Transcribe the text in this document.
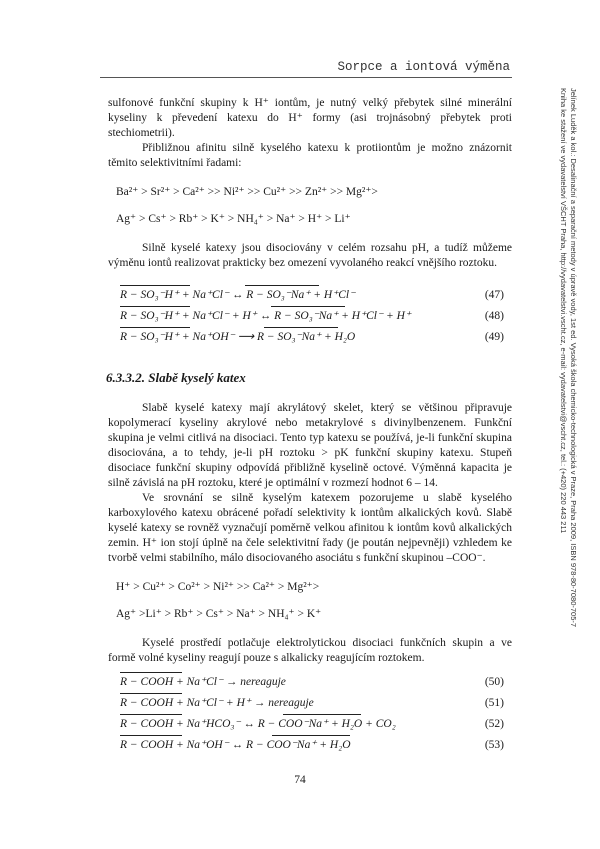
Sorpce a iontová výměna
Jelínek Luděk a kol.: Desalinační a separační metody v úpravě vody, 1st ed. Vysoká škola chemicko-technologická v Praze, Praha 2009, ISBN 978-80-7080-705-7
Kniha ke stažení ve vydavatelství VŠCHT Praha, http://vydavatelstvi.vscht.cz, e-mail: vydavatelstvi@vscht.cz, tel.: (+420) 220 443 211

sulfonové funkční skupiny k H⁺ iontům, je nutný velký přebytek silné minerální kyseliny k převedení katexu do H⁺ formy (asi trojnásobný přebytek proti stechiometrii).

Přibližnou afinitu silně kyselého katexu k protiiontům je možno znázornit těmito selektivitními řadami:

Ba²⁺ > Sr²⁺ > Ca²⁺ >> Ni²⁺ >> Cu²⁺ >> Zn²⁺ >> Mg²⁺>
Ag⁺ > Cs⁺ > Rb⁺ > K⁺ > NH₄⁺ > Na⁺ > H⁺ > Li⁺

Silně kyselé katexy jsou disociovány v celém rozsahu pH, a tudíž můžeme výměnu iontů realizovat prakticky bez omezení vyvolaného reakcí vnějšího roztoku.

R − SO₃⁻H⁺ + Na⁺Cl⁻ ↔ R − SO₃⁻Na⁺ + H⁺Cl⁻	(47)
R − SO₃⁻H⁺ + Na⁺Cl⁻ + H⁺ ↔ R − SO₃⁻Na⁺ + H⁺Cl⁻ + H⁺	(48)
R − SO₃⁻H⁺ + Na⁺OH⁻ ⟶ R − SO₃⁻Na⁺ + H₂O	(49)
6.3.3.2. Slabě kyselý katex

Slabě kyselé katexy mají akrylátový skelet, který se většinou připravuje kopolymerací kyseliny akrylové nebo metakrylové s divinylbenzenem. Funkční skupina je velmi citlivá na disociaci. Tento typ katexu se používá, je-li funkční skupina disociována, a to tehdy, je-li pH roztoku > pK funkční skupiny katexu. Stupeň disociace funkční skupiny odpovídá přibližně kyselině octové. Výměnná kapacita je silně závislá na pH roztoku, které je optimální v rozmezí hodnot 6 – 14.

Ve srovnání se silně kyselým katexem pozorujeme u slabě kyselého karboxylového katexu obrácené pořadí selektivity k iontům alkalických kovů. Slabě kyselé katexy se rovněž vyznačují poměrně velkou afinitou k iontům kovů alkalických zemin. H⁺ ion stojí úplně na čele selektivitní řady (je poután nejpevněji) vzhledem ke tvorbě velmi stabilního, málo disociovaného asociátu s funkční skupinou –COO⁻.

H⁺ > Cu²⁺ > Co²⁺ > Ni²⁺ >> Ca²⁺ > Mg²⁺>
Ag⁺ >Li⁺ > Rb⁺ > Cs⁺ > Na⁺ > NH₄⁺ > K⁺

Kyselé prostředí potlačuje elektrolytickou disociaci funkčních skupin a ve formě volné kyseliny reagují pouze s alkalicky reagujícím roztokem.

R − COOH + Na⁺Cl⁻ → nereaguje	(50)
R − COOH + Na⁺Cl⁻ + H⁺ → nereaguje	(51)
R − COOH + Na⁺HCO₃⁻ ↔ R − COO⁻Na⁺ + H₂O + CO₂	(52)
R − COOH + Na⁺OH⁻ ↔ R − COO⁻Na⁺ + H₂O	(53)
74
